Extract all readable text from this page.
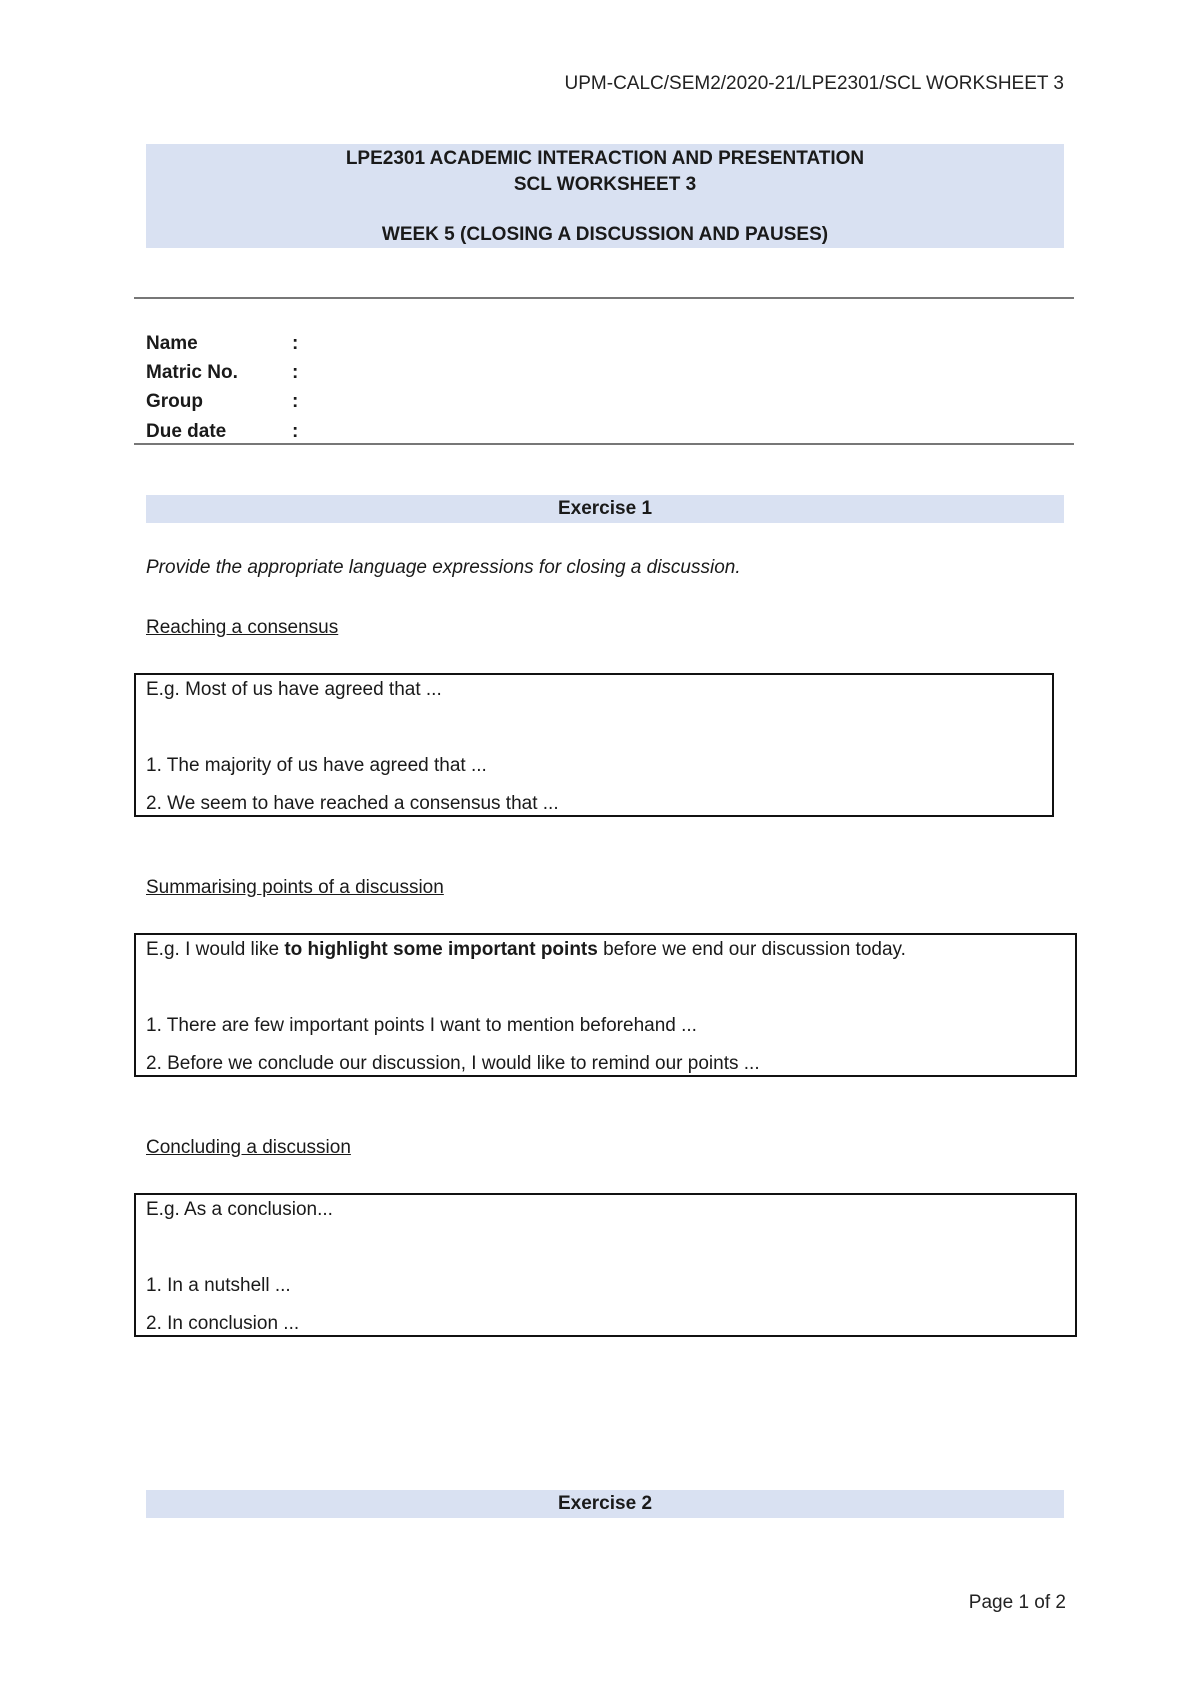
UPM-CALC/SEM2/2020-21/LPE2301/SCL WORKSHEET 3
LPE2301 ACADEMIC INTERACTION AND PRESENTATION
SCL WORKSHEET 3
WEEK 5 (CLOSING A DISCUSSION AND PAUSES)
Name	:
Matric No.	:
Group	:
Due date	:
Exercise 1
Provide the appropriate language expressions for closing a discussion.
Reaching a consensus
E.g. Most of us have agreed that ...
1. The majority of us have agreed that ...
2. We seem to have reached a consensus that ...
Summarising points of a discussion
E.g. I would like to highlight some important points before we end our discussion today.
1. There are few important points I want to mention beforehand ...
2. Before we conclude our discussion, I would like to remind our points ...
Concluding a discussion
E.g. As a conclusion...
1. In a nutshell ...
2. In conclusion ...
Exercise 2
Page 1 of 2
